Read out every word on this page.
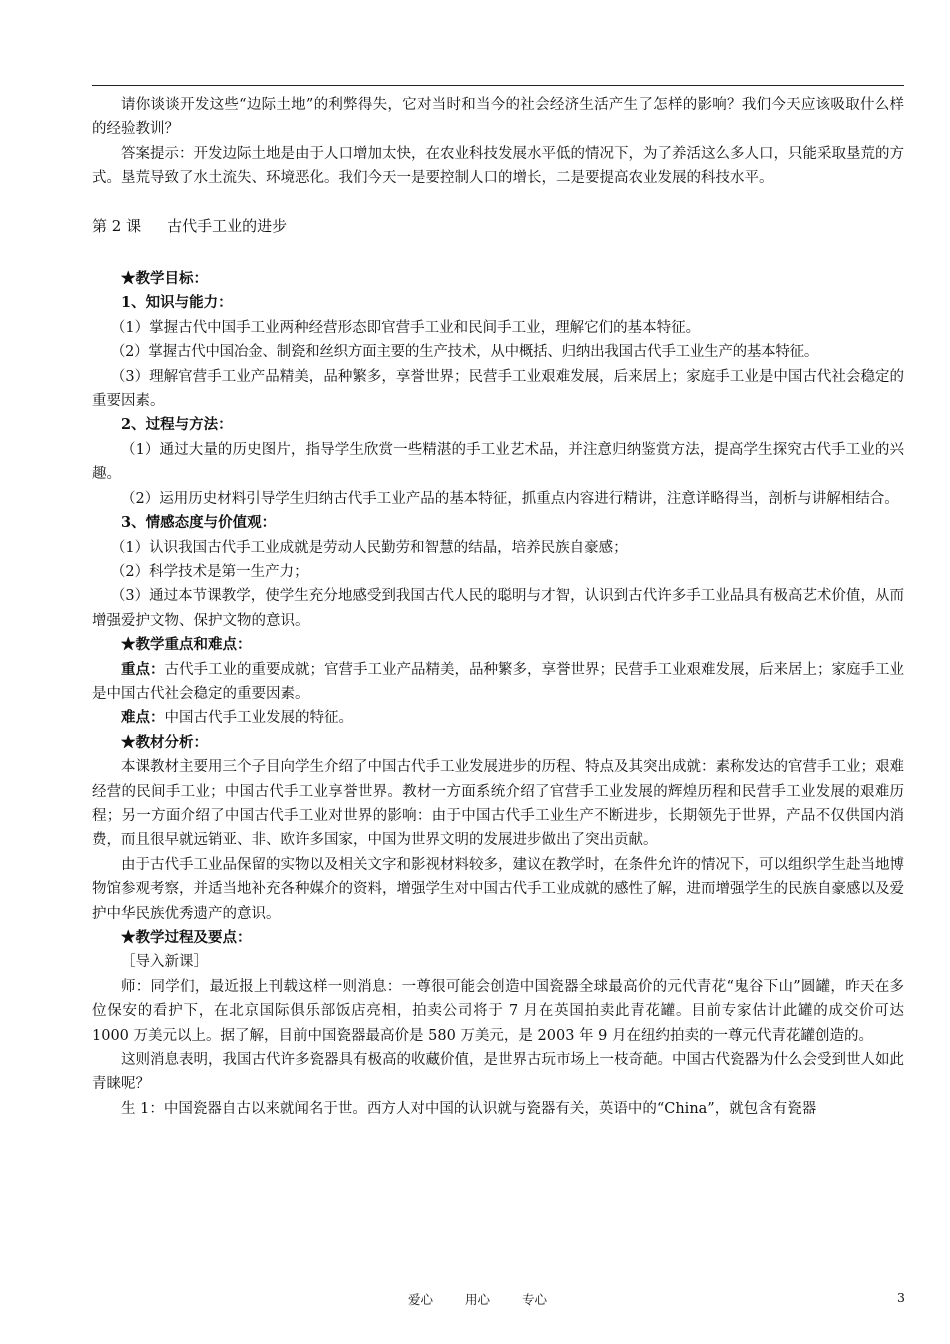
请你谈谈开发这些“边际土地”的利弊得失，它对当时和当今的社会经济生活产生了怎样的影响？我们今天应该吸取什么样的经验教训？

答案提示：开发边际土地是由于人口增加太快，在农业科技发展水平低的情况下，为了养活这么多人口，只能采取垦荒的方式。垦荒导致了水土流失、环境恶化。我们今天一是要控制人口的增长，二是要提高农业发展的科技水平。

第 2 课 古代手工业的进步

★教学目标：

1、知识与能力：

（1）掌握古代中国手工业两种经营形态即官营手工业和民间手工业，理解它们的基本特征。

（2）掌握古代中国冶金、制瓷和丝织方面主要的生产技术，从中概括、归纳出我国古代手工业生产的基本特征。

（3）理解官营手工业产品精美，品种繁多，享誉世界；民营手工业艰难发展，后来居上；家庭手工业是中国古代社会稳定的重要因素。

2、过程与方法：

（1）通过大量的历史图片，指导学生欣赏一些精湛的手工业艺术品，并注意归纳鉴赏方法，提高学生探究古代手工业的兴趣。

（2）运用历史材料引导学生归纳古代手工业产品的基本特征，抓重点内容进行精讲，注意详略得当，剖析与讲解相结合。

3、情感态度与价值观：

（1）认识我国古代手工业成就是劳动人民勤劳和智慧的结晶，培养民族自豪感；

（2）科学技术是第一生产力；

（3）通过本节课教学，使学生充分地感受到我国古代人民的聪明与才智，认识到古代许多手工业品具有极高艺术价值，从而增强爱护文物、保护文物的意识。

★教学重点和难点：

重点：古代手工业的重要成就；官营手工业产品精美，品种繁多，享誉世界；民营手工业艰难发展，后来居上；家庭手工业是中国古代社会稳定的重要因素。

难点：中国古代手工业发展的特征。

★教材分析：

本课教材主要用三个子目向学生介绍了中国古代手工业发展进步的历程、特点及其突出成就：素称发达的官营手工业；艰难经营的民间手工业；中国古代手工业享誉世界。教材一方面系统介绍了官营手工业发展的辉煌历程和民营手工业发展的艰难历程；另一方面介绍了中国古代手工业对世界的影响：由于中国古代手工业生产不断进步，长期领先于世界，产品不仅供国内消费，而且很早就远销亚、非、欧许多国家，中国为世界文明的发展进步做出了突出贡献。

由于古代手工业品保留的实物以及相关文字和影视材料较多，建议在教学时，在条件允许的情况下，可以组织学生赴当地博物馆参观考察，并适当地补充各种媒介的资料，增强学生对中国古代手工业成就的感性了解，进而增强学生的民族自豪感以及爱护中华民族优秀遗产的意识。

★教学过程及要点：

［导入新课］

师：同学们，最近报上刊载这样一则消息：一尊很可能会创造中国瓷器全球最高价的元代青花“鬼谷下山”圆罐，昨天在多位保安的看护下，在北京国际俱乐部饭店亮相，拍卖公司将于 7 月在英国拍卖此青花罐。目前专家估计此罐的成交价可达 1000 万美元以上。据了解，目前中国瓷器最高价是 580 万美元，是 2003 年 9 月在纽约拍卖的一尊元代青花罐创造的。

这则消息表明，我国古代许多瓷器具有极高的收藏价值，是世界古玩市场上一枝奇葩。中国古代瓷器为什么会受到世人如此青睐呢？

生 1：中国瓷器自古以来就闻名于世。西方人对中国的认识就与瓷器有关，英语中的“China”，就包含有瓷器

爱心	用心	专心	3
